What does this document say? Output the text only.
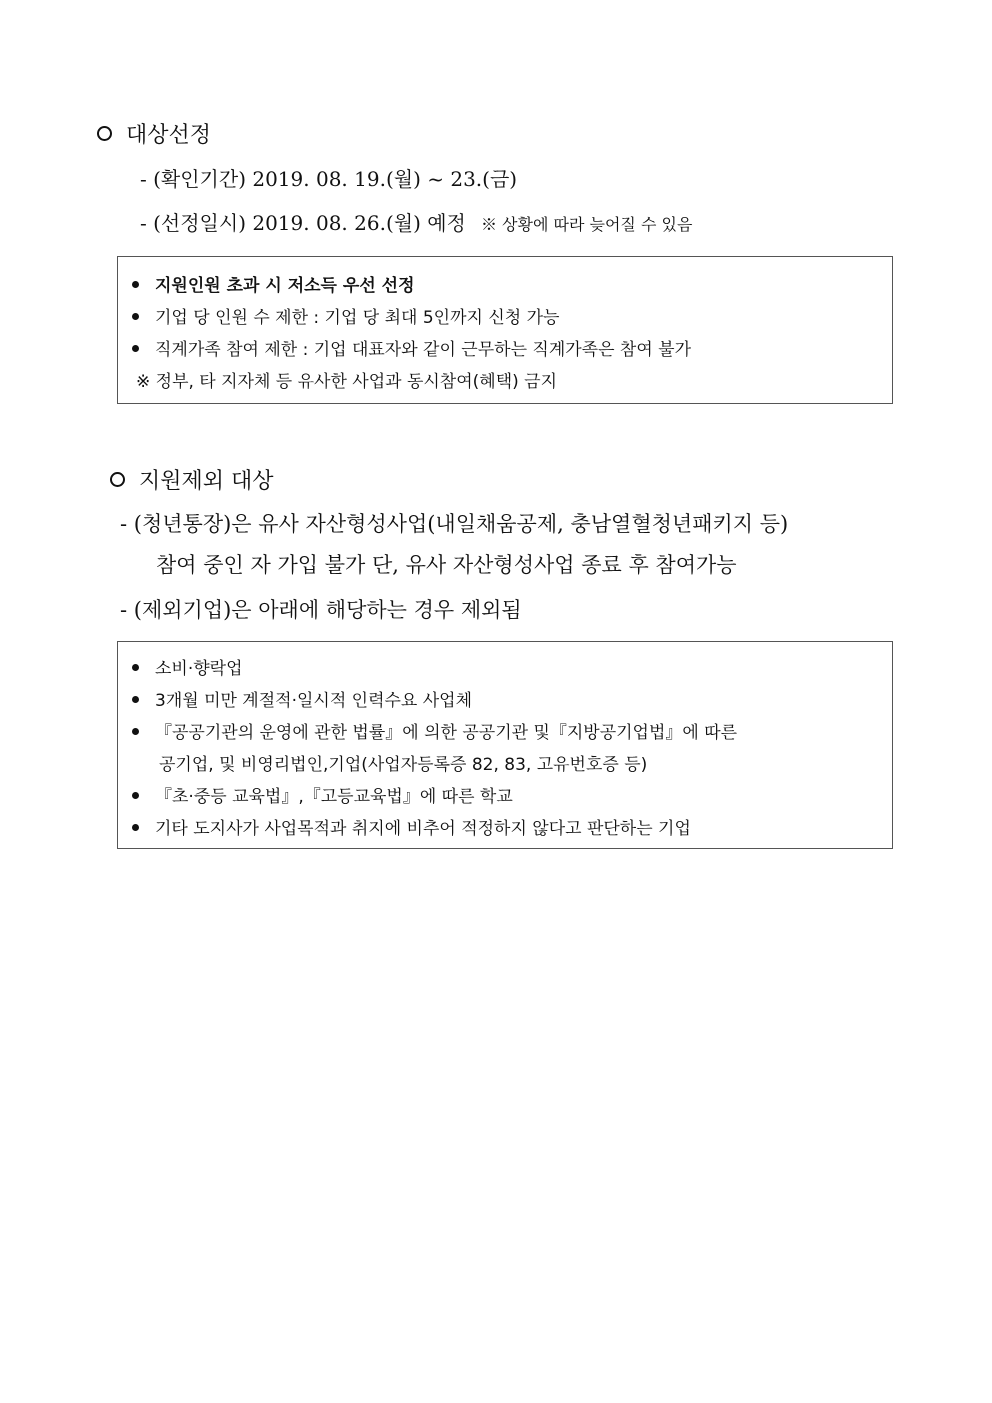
대상선정
- (확인기간) 2019. 08. 19.(월) ~ 23.(금)
- (선정일시) 2019. 08. 26.(월) 예정 ※ 상황에 따라 늦어질 수 있음
지원인원 초과 시 저소득 우선 선정
기업 당 인원 수 제한 : 기업 당 최대 5인까지 신청 가능
직계가족 참여 제한 : 기업 대표자와 같이 근무하는 직계가족은 참여 불가
※ 정부, 타 지자체 등 유사한 사업과 동시참여(혜택) 금지
지원제외 대상
- (청년통장)은 유사 자산형성사업(내일채움공제, 충남열혈청년패키지 등)
참여 중인 자 가입 불가 단, 유사 자산형성사업 종료 후 참여가능
- (제외기업)은 아래에 해당하는 경우 제외됨
소비·향락업
3개월 미만 계절적·일시적 인력수요 사업체
『공공기관의 운영에 관한 법률』에 의한 공공기관 및『지방공기업법』에 따른
공기업, 및 비영리법인,기업(사업자등록증 82, 83, 고유번호증 등)
『초·중등 교육법』,『고등교육법』에 따른 학교
기타 도지사가 사업목적과 취지에 비추어 적정하지 않다고 판단하는 기업
